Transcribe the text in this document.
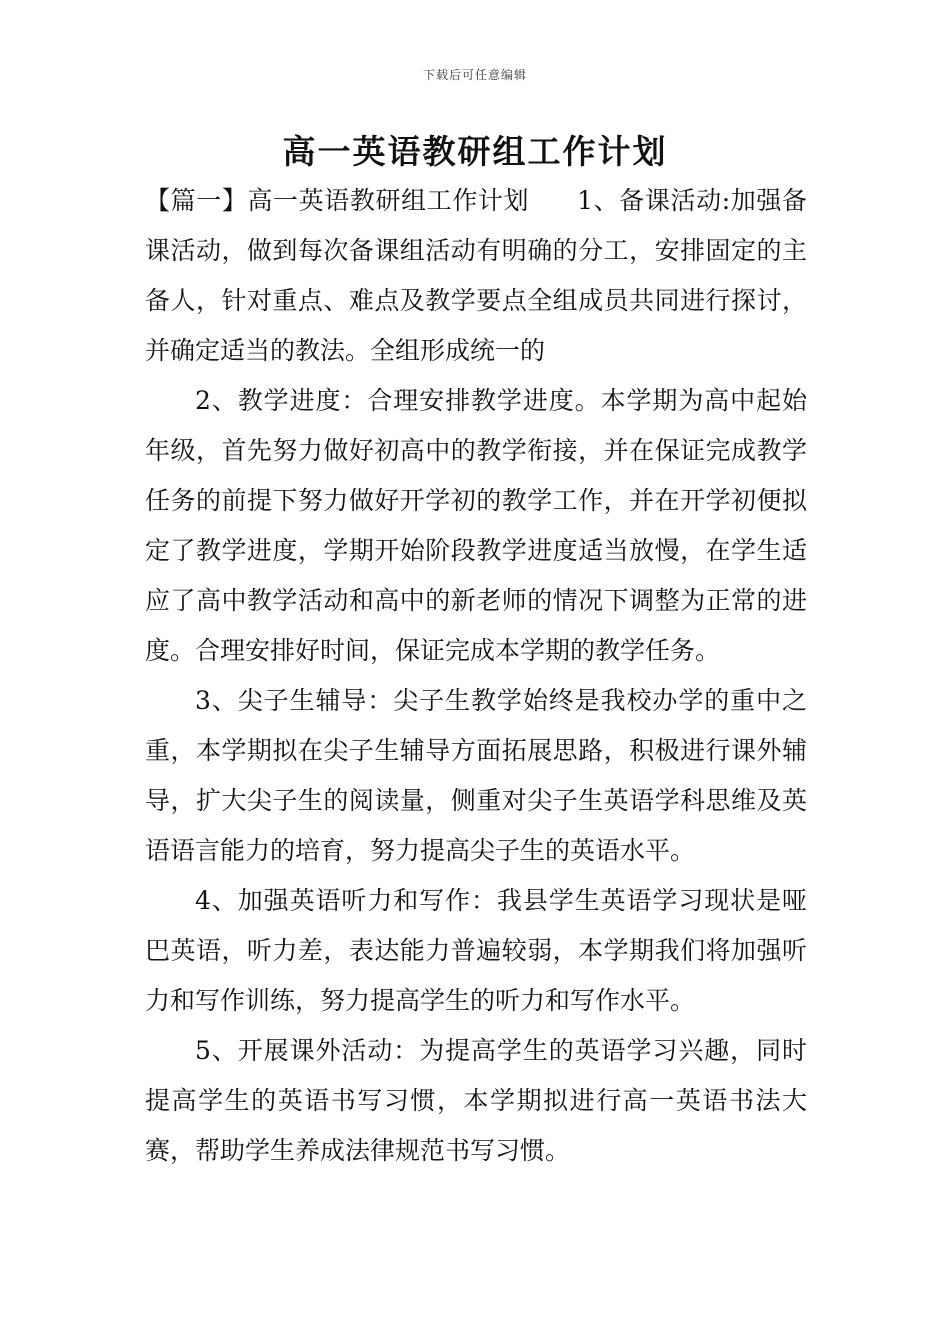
下载后可任意编辑
高一英语教研组工作计划

【篇一】高一英语教研组工作计划 1、备课活动:加强备课活动，做到每次备课组活动有明确的分工，安排固定的主备人，针对重点、难点及教学要点全组成员共同进行探讨，并确定适当的教法。全组形成统一的

2、教学进度：合理安排教学进度。本学期为高中起始年级，首先努力做好初高中的教学衔接，并在保证完成教学任务的前提下努力做好开学初的教学工作，并在开学初便拟定了教学进度，学期开始阶段教学进度适当放慢，在学生适应了高中教学活动和高中的新老师的情况下调整为正常的进度。合理安排好时间，保证完成本学期的教学任务。

3、尖子生辅导：尖子生教学始终是我校办学的重中之重，本学期拟在尖子生辅导方面拓展思路，积极进行课外辅导，扩大尖子生的阅读量，侧重对尖子生英语学科思维及英语语言能力的培育，努力提高尖子生的英语水平。

4、加强英语听力和写作：我县学生英语学习现状是哑巴英语，听力差，表达能力普遍较弱，本学期我们将加强听力和写作训练，努力提高学生的听力和写作水平。

5、开展课外活动：为提高学生的英语学习兴趣，同时提高学生的英语书写习惯，本学期拟进行高一英语书法大赛，帮助学生养成法律规范书写习惯。
